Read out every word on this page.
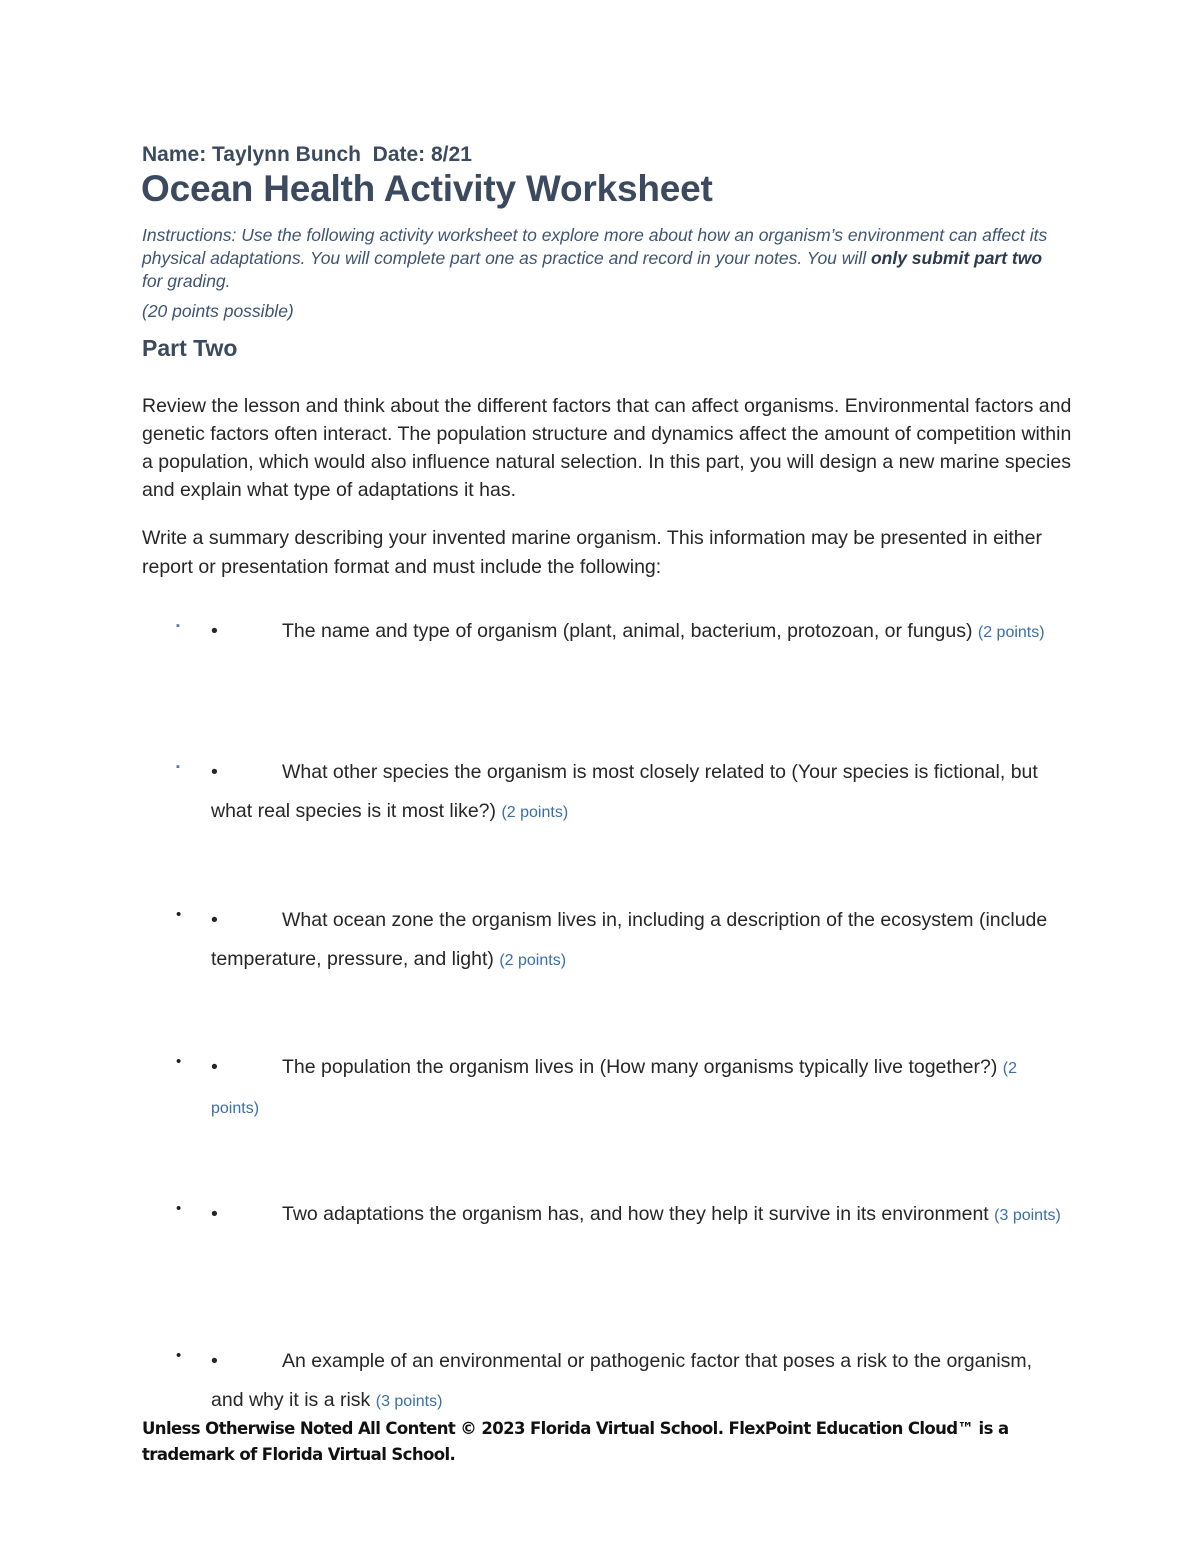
Name: Taylynn Bunch  Date: 8/21
Ocean Health Activity Worksheet
Instructions: Use the following activity worksheet to explore more about how an organism’s environment can affect its physical adaptations. You will complete part one as practice and record in your notes. You will only submit part two for grading.
(20 points possible)
Part Two
Review the lesson and think about the different factors that can affect organisms. Environmental factors and genetic factors often interact. The population structure and dynamics affect the amount of competition within a population, which would also influence natural selection. In this part, you will design a new marine species and explain what type of adaptations it has.
Write a summary describing your invented marine organism. This information may be presented in either report or presentation format and must include the following:
▪ •	The name and type of organism (plant, animal, bacterium, protozoan, or fungus) (2 points)
▪ •	What other species the organism is most closely related to (Your species is fictional, but what real species is it most like?) (2 points)
• •	What ocean zone the organism lives in, including a description of the ecosystem (include temperature, pressure, and light) (2 points)
• •	The population the organism lives in (How many organisms typically live together?) (2 points)
• •	Two adaptations the organism has, and how they help it survive in its environment (3 points)
• •	An example of an environmental or pathogenic factor that poses a risk to the organism, and why it is a risk (3 points)
Unless Otherwise Noted All Content © 2023 Florida Virtual School. FlexPoint Education Cloud™ is a trademark of Florida Virtual School.
